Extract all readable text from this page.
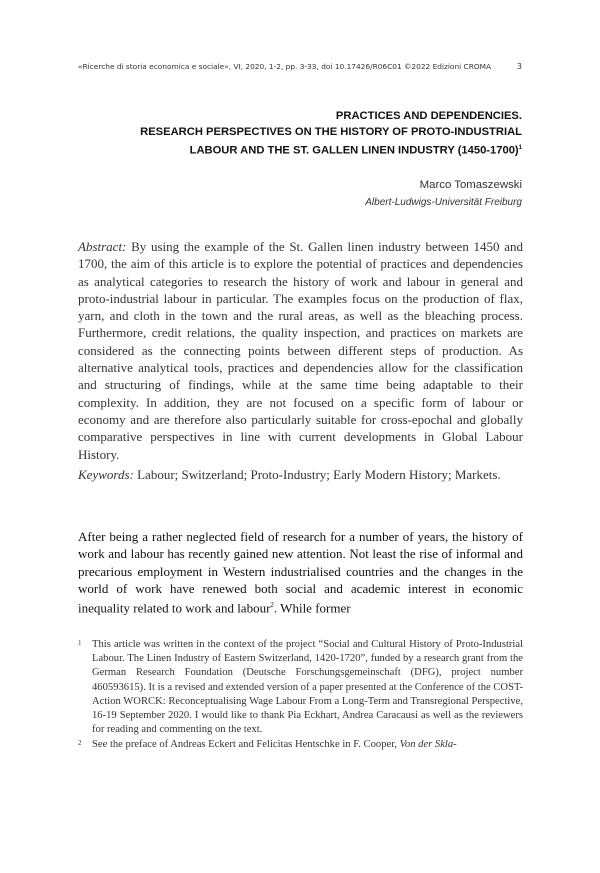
«Ricerche di storia economica e sociale», VI, 2020, 1-2, pp. 3-33, doi 10.17426/R06C01 ©2022 Edizioni CROMA	3
PRACTICES AND DEPENDENCIES.
RESEARCH PERSPECTIVES ON THE HISTORY OF PROTO-INDUSTRIAL
LABOUR AND THE ST. GALLEN LINEN INDUSTRY (1450-1700)$^1$
Marco Tomaszewski
Albert-Ludwigs-Universität Freiburg
Abstract: By using the example of the St. Gallen linen industry between 1450 and 1700, the aim of this article is to explore the potential of practices and dependencies as analytical categories to research the history of work and labour in general and proto-industrial labour in particular. The examples focus on the production of flax, yarn, and cloth in the town and the rural areas, as well as the bleaching process. Furthermore, credit relations, the quality inspection, and practices on markets are considered as the connecting points between different steps of production. As alternative analytical tools, practices and dependencies allow for the classification and structuring of findings, while at the same time being adaptable to their complexity. In addition, they are not focused on a specific form of labour or economy and are therefore also particularly suitable for cross-epochal and globally comparative perspectives in line with current developments in Global Labour History.
Keywords: Labour; Switzerland; Proto-Industry; Early Modern History; Markets.
After being a rather neglected field of research for a number of years, the history of work and labour has recently gained new attention. Not least the rise of informal and precarious employment in Western industrialised countries and the changes in the world of work have renewed both social and academic interest in economic inequality related to work and labour$^2$. While former
1 This article was written in the context of the project “Social and Cultural History of Proto-Industrial Labour. The Linen Industry of Eastern Switzerland, 1420-1720”, funded by a research grant from the German Research Foundation (Deutsche Forschungsgemeinschaft (DFG), project number 460593615). It is a revised and extended version of a paper presented at the Conference of the COST-Action WORCK: Reconceptualising Wage Labour From a Long-Term and Transregional Perspective, 16-19 September 2020. I would like to thank Pia Eckhart, Andrea Caracausi as well as the reviewers for reading and commenting on the text.
2 See the preface of Andreas Eckert and Felicitas Hentschke in F. Cooper, Von der Skla-
